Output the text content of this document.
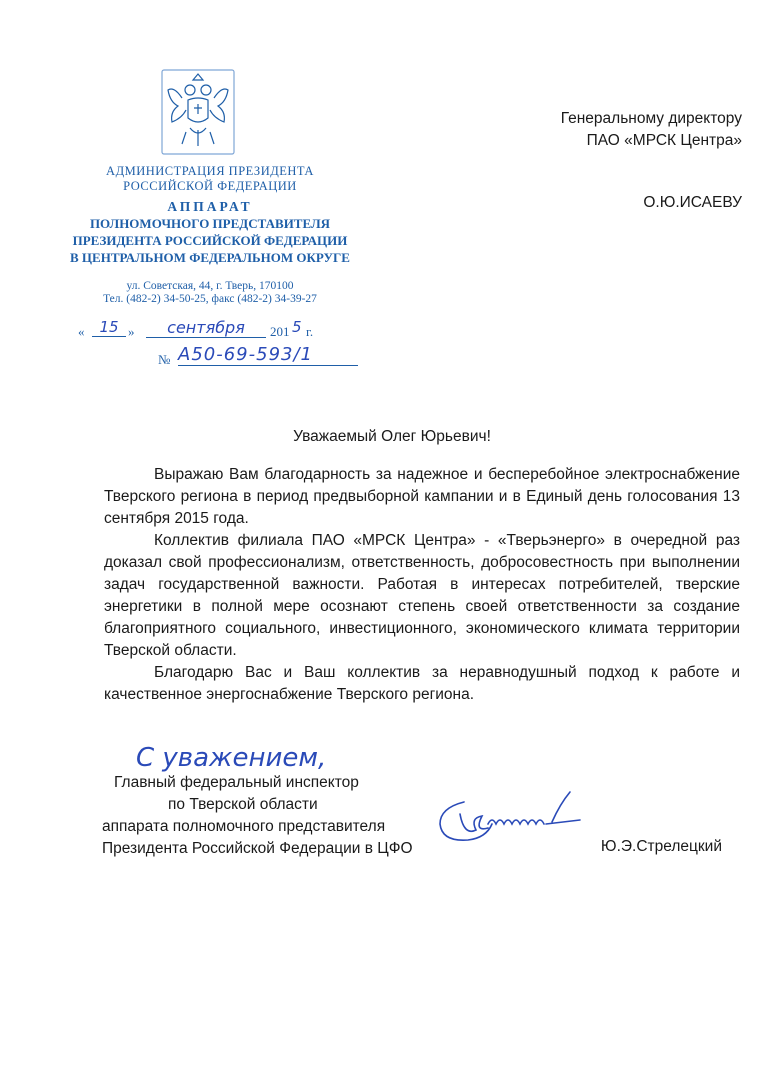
АДМИНИСТРАЦИЯ ПРЕЗИДЕНТА
РОССИЙСКОЙ ФЕДЕРАЦИИ
АППАРАТ
ПОЛНОМОЧНОГО ПРЕДСТАВИТЕЛЯ
ПРЕЗИДЕНТА РОССИЙСКОЙ ФЕДЕРАЦИИ
В ЦЕНТРАЛЬНОМ ФЕДЕРАЛЬНОМ ОКРУГЕ
ул. Советская, 44, г. Тверь, 170100
Тел. (482-2) 34-50-25, факс (482-2) 34-39-27
« 15 »	сентября	201 5 г.
№ А50-69-593/1
Генеральному директору
ПАО «МРСК Центра»
О.Ю.ИСАЕВУ
Уважаемый Олег Юрьевич!

Выражаю Вам благодарность за надежное и бесперебойное электроснабжение Тверского региона в период предвыборной кампании и в Единый день голосования 13 сентября 2015 года.

Коллектив филиала ПАО «МРСК Центра» - «Тверьэнерго» в очередной раз доказал свой профессионализм, ответственность, добросовестность при выполнении задач государственной важности. Работая в интересах потребителей, тверские энергетики в полной мере осознают степень своей ответственности за создание благоприятного социального, инвестиционного, экономического климата территории Тверской области.

Благодарю Вас и Ваш коллектив за неравнодушный подход к работе и качественное энергоснабжение Тверского региона.

С уважением,
Главный федеральный инспектор
по Тверской области
аппарата полномочного представителя
Президента Российской Федерации в ЦФО	Ю.Э.Стрелецкий
